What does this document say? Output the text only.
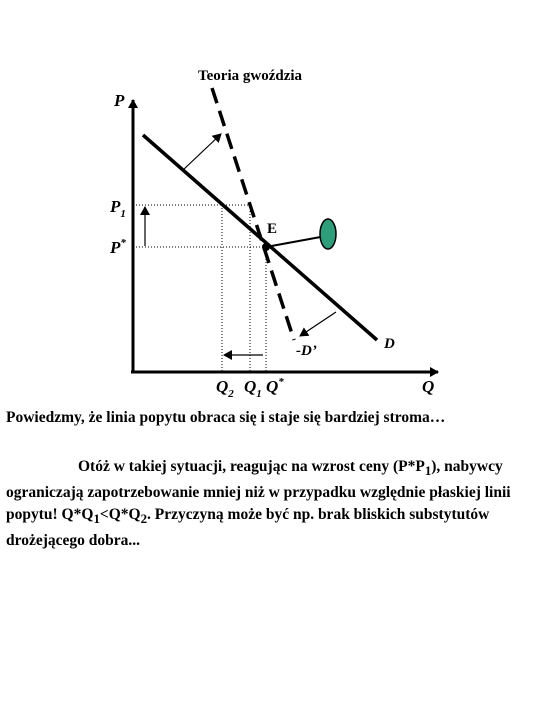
Teoria gwoździa
P
Q
E
$P_1$
P*
$Q_2$ $Q_1$ Q*
-D’	D
Powiedzmy, że linia popytu obraca się i staje się bardziej stroma…
Otóż w takiej sytuacji, reagując na wzrost ceny $(P*P_1)$, nabywcy ograniczają zapotrzebowanie mniej niż w przypadku względnie płaskiej linii popytu! $Q*Q_1<Q*Q_2$. Przyczyną może być np. brak bliskich substytutów drożejącego dobra...
